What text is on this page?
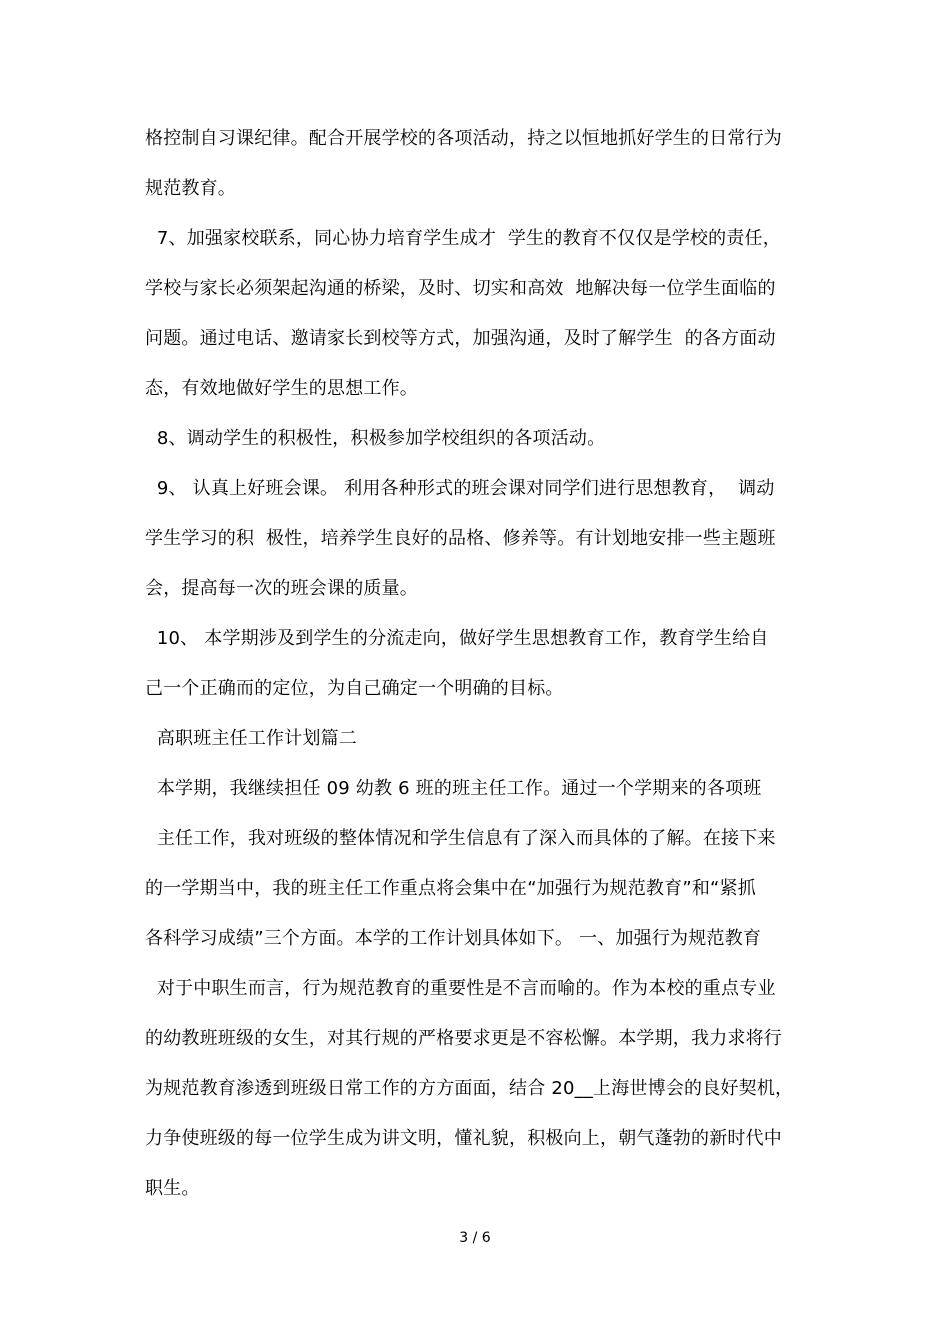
格控制自习课纪律。配合开展学校的各项活动，持之以恒地抓好学生的日常行为
规范教育。
7、加强家校联系，同心协力培育学生成才  学生的教育不仅仅是学校的责任，
学校与家长必须架起沟通的桥梁，及时、切实和高效  地解决每一位学生面临的
问题。通过电话、邀请家长到校等方式，加强沟通，及时了解学生  的各方面动
态，有效地做好学生的思想工作。
8、调动学生的积极性，积极参加学校组织的各项活动。
9、 认真上好班会课。 利用各种形式的班会课对同学们进行思想教育，  调动
学生学习的积  极性，培养学生良好的品格、修养等。有计划地安排一些主题班
会，提高每一次的班会课的质量。
10、 本学期涉及到学生的分流走向，做好学生思想教育工作，教育学生给自
己一个正确而的定位，为自己确定一个明确的目标。
高职班主任工作计划篇二
本学期，我继续担任 09 幼教 6 班的班主任工作。通过一个学期来的各项班
主任工作，我对班级的整体情况和学生信息有了深入而具体的了解。在接下来
的一学期当中，我的班主任工作重点将会集中在“加强行为规范教育”和“紧抓
各科学习成绩”三个方面。本学的工作计划具体如下。 一、加强行为规范教育
对于中职生而言，行为规范教育的重要性是不言而喻的。作为本校的重点专业
的幼教班班级的女生，对其行规的严格要求更是不容松懈。本学期，我力求将行
为规范教育渗透到班级日常工作的方方面面，结合 20__上海世博会的良好契机，
力争使班级的每一位学生成为讲文明，懂礼貌，积极向上，朝气蓬勃的新时代中
职生。
3 / 6
